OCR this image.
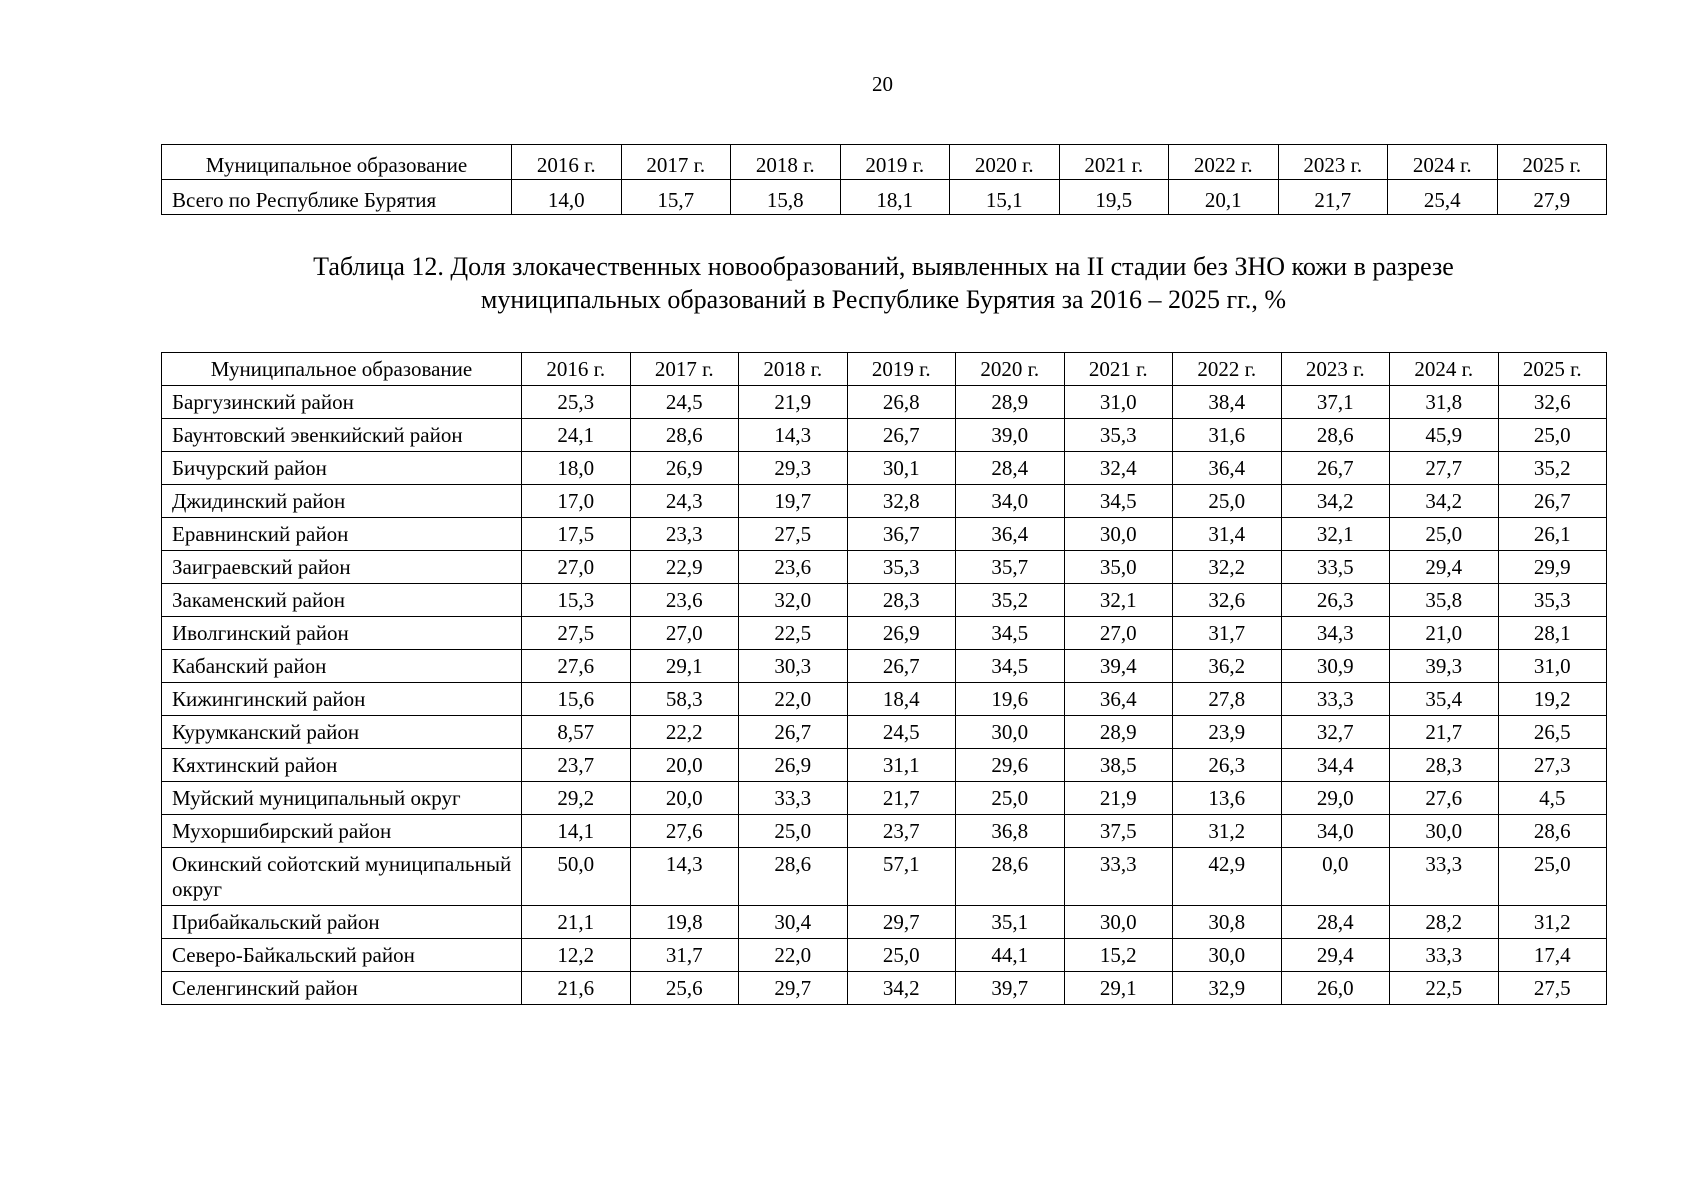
20
Муниципальное образование	2016 г.	2017 г.	2018 г.	2019 г.	2020 г.	2021 г.	2022 г.	2023 г.	2024 г.	2025 г.
Всего по Республике Бурятия	14,0	15,7	15,8	18,1	15,1	19,5	20,1	21,7	25,4	27,9
Таблица 12. Доля злокачественных новообразований, выявленных на II стадии без ЗНО кожи в разрезе
муниципальных образований в Республике Бурятия за 2016 – 2025 гг., %
Муниципальное образование	2016 г.	2017 г.	2018 г.	2019 г.	2020 г.	2021 г.	2022 г.	2023 г.	2024 г.	2025 г.
Баргузинский район	25,3	24,5	21,9	26,8	28,9	31,0	38,4	37,1	31,8	32,6
Баунтовский эвенкийский район	24,1	28,6	14,3	26,7	39,0	35,3	31,6	28,6	45,9	25,0
Бичурский район	18,0	26,9	29,3	30,1	28,4	32,4	36,4	26,7	27,7	35,2
Джидинский район	17,0	24,3	19,7	32,8	34,0	34,5	25,0	34,2	34,2	26,7
Еравнинский район	17,5	23,3	27,5	36,7	36,4	30,0	31,4	32,1	25,0	26,1
Заиграевский район	27,0	22,9	23,6	35,3	35,7	35,0	32,2	33,5	29,4	29,9
Закаменский район	15,3	23,6	32,0	28,3	35,2	32,1	32,6	26,3	35,8	35,3
Иволгинский район	27,5	27,0	22,5	26,9	34,5	27,0	31,7	34,3	21,0	28,1
Кабанский район	27,6	29,1	30,3	26,7	34,5	39,4	36,2	30,9	39,3	31,0
Кижингинский район	15,6	58,3	22,0	18,4	19,6	36,4	27,8	33,3	35,4	19,2
Курумканский район	8,57	22,2	26,7	24,5	30,0	28,9	23,9	32,7	21,7	26,5
Кяхтинский район	23,7	20,0	26,9	31,1	29,6	38,5	26,3	34,4	28,3	27,3
Муйский муниципальный округ	29,2	20,0	33,3	21,7	25,0	21,9	13,6	29,0	27,6	4,5
Мухоршибирский район	14,1	27,6	25,0	23,7	36,8	37,5	31,2	34,0	30,0	28,6
Окинский сойотский муниципальный округ	50,0	14,3	28,6	57,1	28,6	33,3	42,9	0,0	33,3	25,0
Прибайкальский район	21,1	19,8	30,4	29,7	35,1	30,0	30,8	28,4	28,2	31,2
Северо-Байкальский район	12,2	31,7	22,0	25,0	44,1	15,2	30,0	29,4	33,3	17,4
Селенгинский район	21,6	25,6	29,7	34,2	39,7	29,1	32,9	26,0	22,5	27,5
